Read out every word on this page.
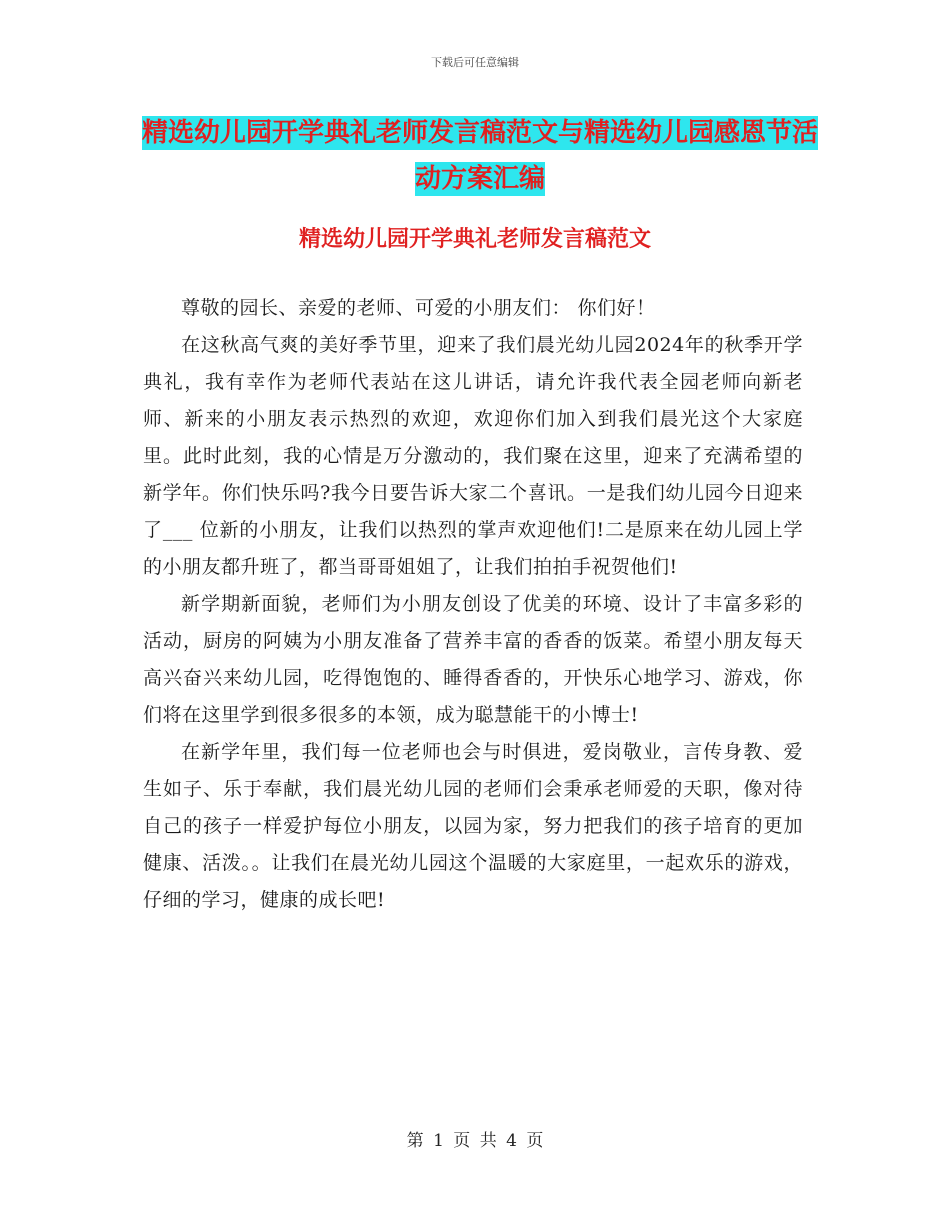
下载后可任意编辑
精选幼儿园开学典礼老师发言稿范文与精选幼儿园感恩节活动方案汇编
精选幼儿园开学典礼老师发言稿范文

尊敬的园长、亲爱的老师、可爱的小朋友们： 你们好！

在这秋高气爽的美好季节里，迎来了我们晨光幼儿园2024年的秋季开学典礼，我有幸作为老师代表站在这儿讲话，请允许我代表全园老师向新老师、新来的小朋友表示热烈的欢迎，欢迎你们加入到我们晨光这个大家庭里。此时此刻，我的心情是万分激动的，我们聚在这里，迎来了充满希望的新学年。你们快乐吗?我今日要告诉大家二个喜讯。一是我们幼儿园今日迎来了___ 位新的小朋友，让我们以热烈的掌声欢迎他们!二是原来在幼儿园上学的小朋友都升班了，都当哥哥姐姐了，让我们拍拍手祝贺他们!

新学期新面貌，老师们为小朋友创设了优美的环境、设计了丰富多彩的活动，厨房的阿姨为小朋友准备了营养丰富的香香的饭菜。希望小朋友每天高兴奋兴来幼儿园，吃得饱饱的、睡得香香的，开快乐心地学习、游戏，你们将在这里学到很多很多的本领，成为聪慧能干的小博士!

在新学年里，我们每一位老师也会与时俱进，爱岗敬业，言传身教、爱生如子、乐于奉献，我们晨光幼儿园的老师们会秉承老师爱的天职，像对待自己的孩子一样爱护每位小朋友，以园为家，努力把我们的孩子培育的更加健康、活泼。。让我们在晨光幼儿园这个温暖的大家庭里，一起欢乐的游戏，仔细的学习，健康的成长吧!

第 1 页 共 4 页
